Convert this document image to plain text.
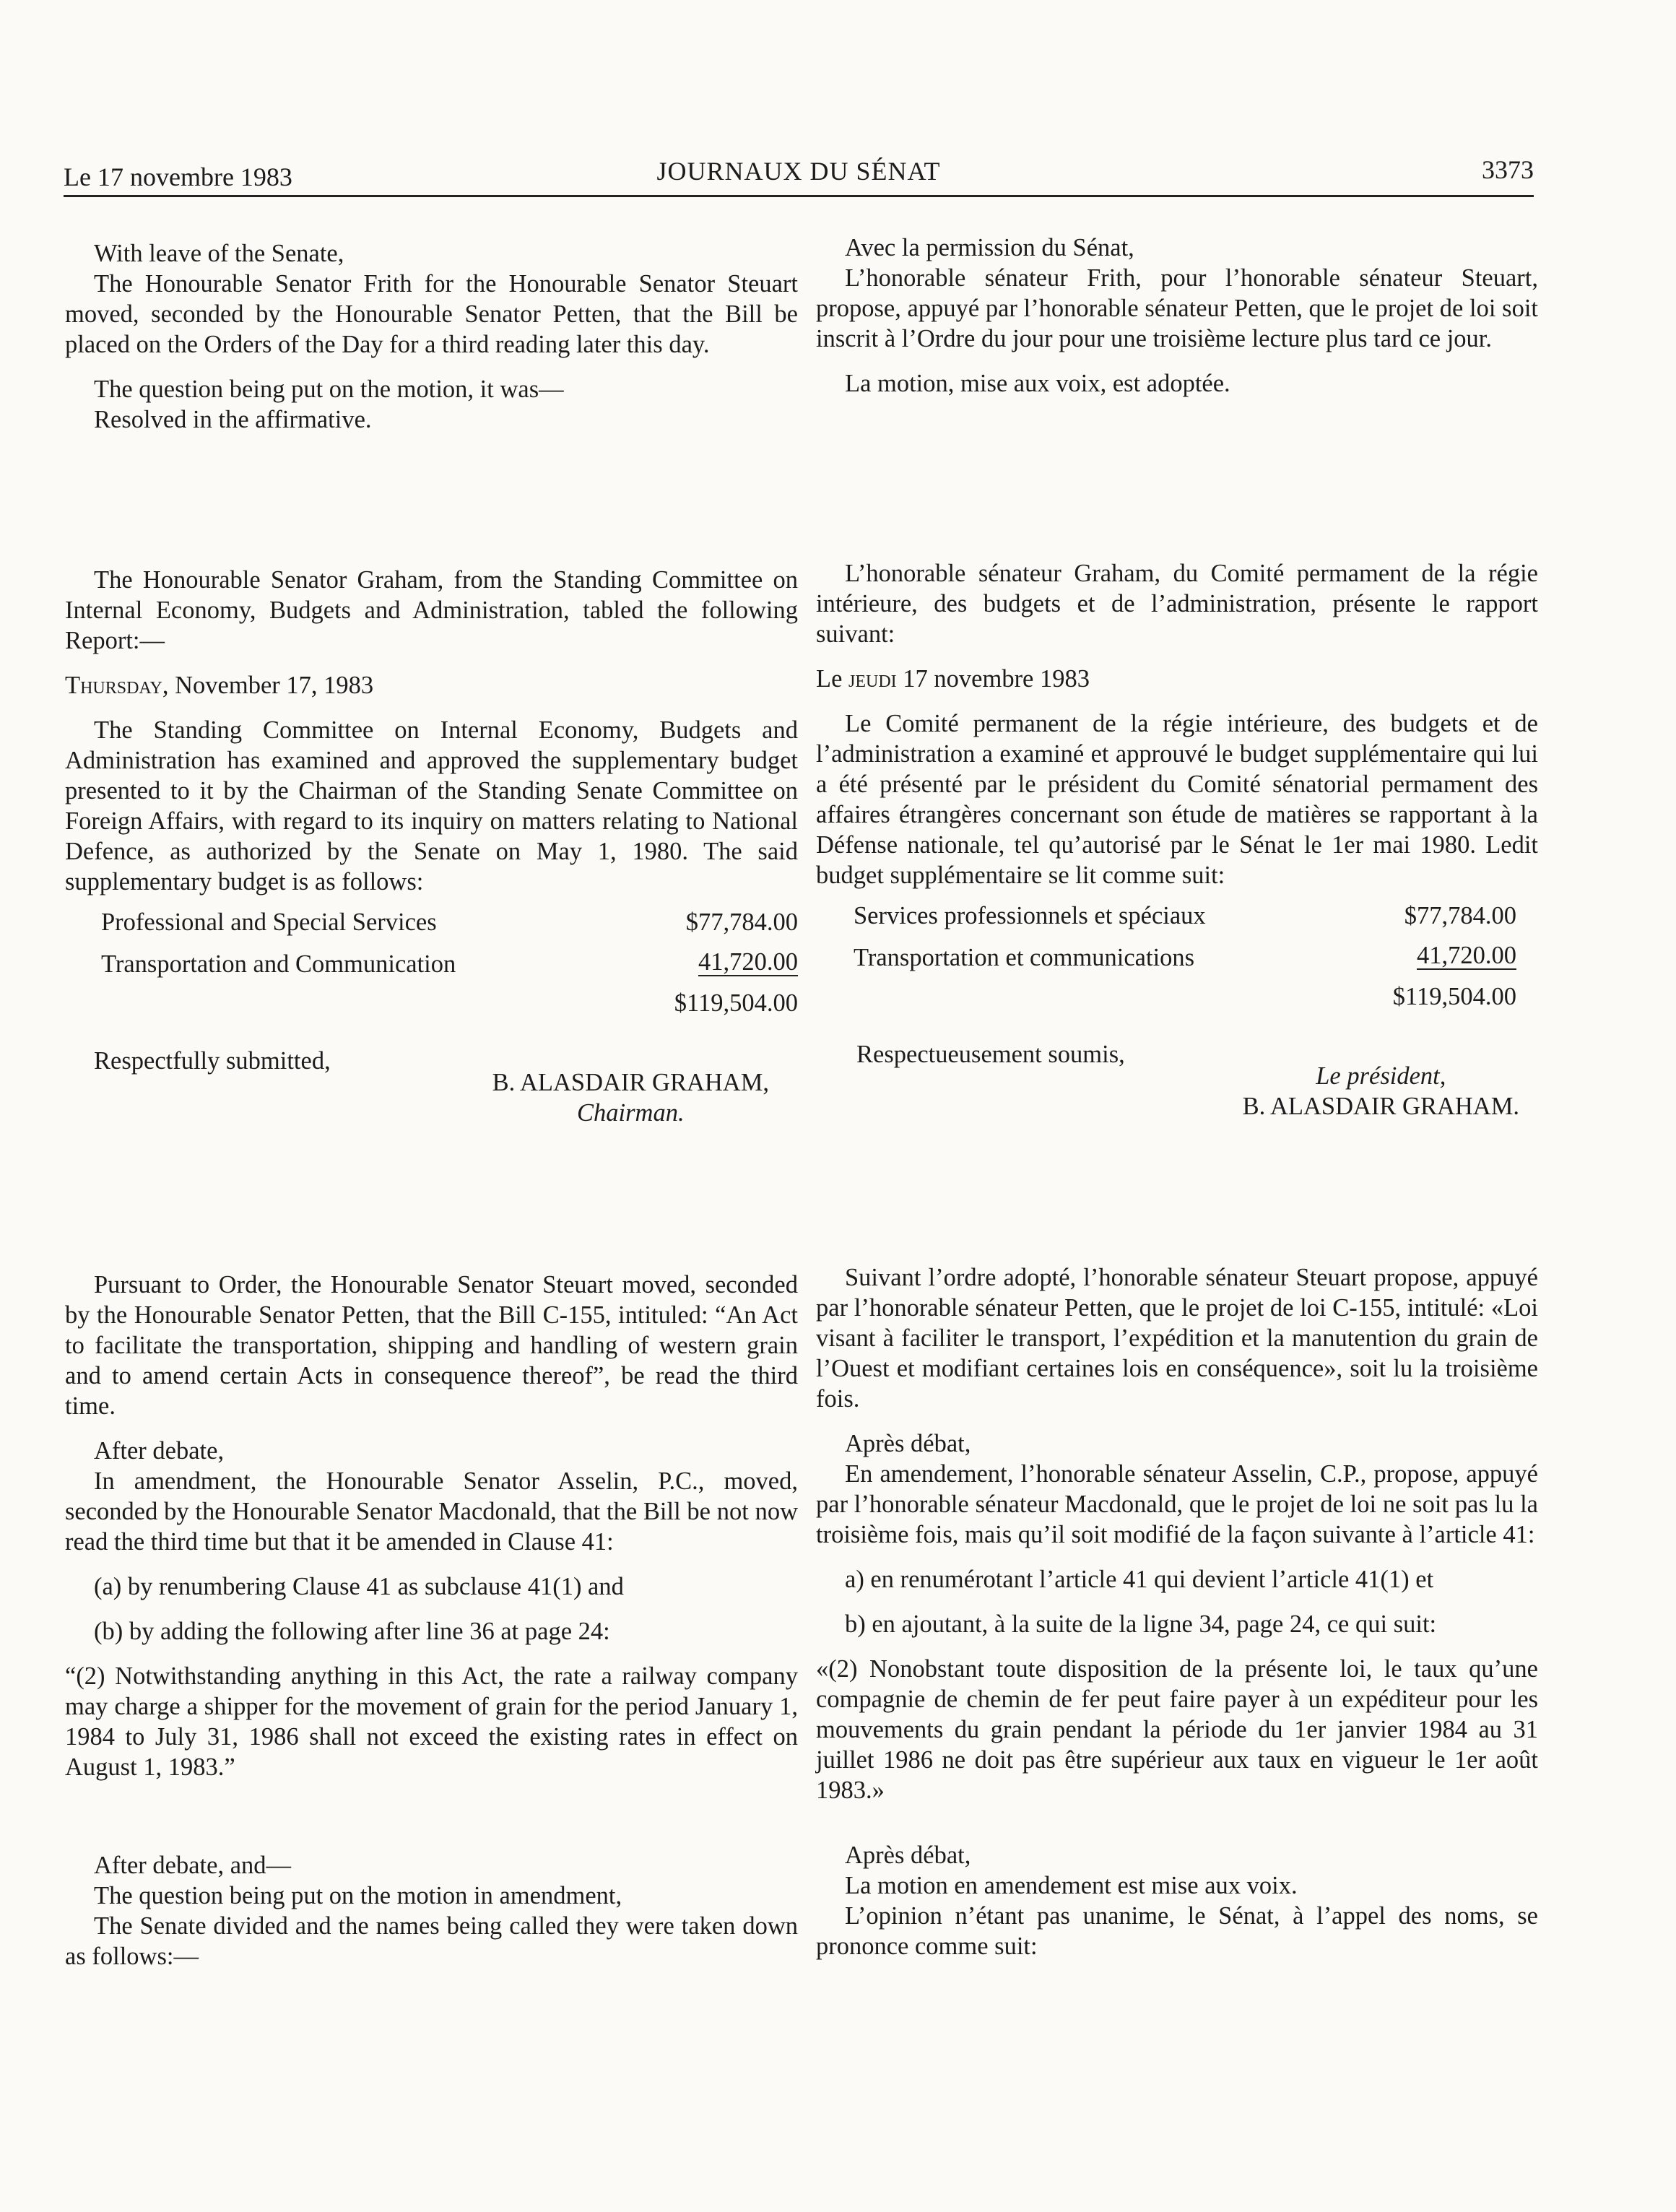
Le 17 novembre 1983	JOURNAUX DU SÉNAT	3373

With leave of the Senate,

The Honourable Senator Frith for the Honourable Senator Steuart moved, seconded by the Honourable Senator Petten, that the Bill be placed on the Orders of the Day for a third reading later this day.

The question being put on the motion, it was—

Resolved in the affirmative.

The Honourable Senator Graham, from the Standing Committee on Internal Economy, Budgets and Administration, tabled the following Report:—

Thursday, November 17, 1983

The Standing Committee on Internal Economy, Budgets and Administration has examined and approved the supplementary budget presented to it by the Chairman of the Standing Senate Committee on Foreign Affairs, with regard to its inquiry on matters relating to National Defence, as authorized by the Senate on May 1, 1980. The said supplementary budget is as follows:

Professional and Special Services	$77,784.00
Transportation and Communication	41,720.00
$119,504.00
Respectfully submitted,
B. ALASDAIR GRAHAM,
Chairman.

Pursuant to Order, the Honourable Senator Steuart moved, seconded by the Honourable Senator Petten, that the Bill C-155, intituled: “An Act to facilitate the transportation, shipping and handling of western grain and to amend certain Acts in consequence thereof”, be read the third time.

After debate,

In amendment, the Honourable Senator Asselin, P.C., moved, seconded by the Honourable Senator Macdonald, that the Bill be not now read the third time but that it be amended in Clause 41:

(a) by renumbering Clause 41 as subclause 41(1) and

(b) by adding the following after line 36 at page 24:

“(2) Notwithstanding anything in this Act, the rate a railway company may charge a shipper for the movement of grain for the period January 1, 1984 to July 31, 1986 shall not exceed the existing rates in effect on August 1, 1983.”

After debate, and—

The question being put on the motion in amendment,

The Senate divided and the names being called they were taken down as follows:—

Avec la permission du Sénat,

L’honorable sénateur Frith, pour l’honorable sénateur Steuart, propose, appuyé par l’honorable sénateur Petten, que le projet de loi soit inscrit à l’Ordre du jour pour une troisième lecture plus tard ce jour.

La motion, mise aux voix, est adoptée.

L’honorable sénateur Graham, du Comité permament de la régie intérieure, des budgets et de l’administration, présente le rapport suivant:

Le jeudi 17 novembre 1983

Le Comité permanent de la régie intérieure, des budgets et de l’administration a examiné et approuvé le budget supplémentaire qui lui a été présenté par le président du Comité sénatorial permament des affaires étrangères concernant son étude de matières se rapportant à la Défense nationale, tel qu’autorisé par le Sénat le 1er mai 1980. Ledit budget supplémentaire se lit comme suit:

Services professionnels et spéciaux	$77,784.00
Transportation et communications	41,720.00
$119,504.00
Respectueusement soumis,
Le président,
B. ALASDAIR GRAHAM.

Suivant l’ordre adopté, l’honorable sénateur Steuart propose, appuyé par l’honorable sénateur Petten, que le projet de loi C-155, intitulé: «Loi visant à faciliter le transport, l’expédition et la manutention du grain de l’Ouest et modifiant certaines lois en conséquence», soit lu la troisième fois.

Après débat,

En amendement, l’honorable sénateur Asselin, C.P., propose, appuyé par l’honorable sénateur Macdonald, que le projet de loi ne soit pas lu la troisième fois, mais qu’il soit modifié de la façon suivante à l’article 41:

a) en renumérotant l’article 41 qui devient l’article 41(1) et

b) en ajoutant, à la suite de la ligne 34, page 24, ce qui suit:

«(2) Nonobstant toute disposition de la présente loi, le taux qu’une compagnie de chemin de fer peut faire payer à un expéditeur pour les mouvements du grain pendant la période du 1er janvier 1984 au 31 juillet 1986 ne doit pas être supérieur aux taux en vigueur le 1er août 1983.»

Après débat,

La motion en amendement est mise aux voix.

L’opinion n’étant pas unanime, le Sénat, à l’appel des noms, se prononce comme suit:
